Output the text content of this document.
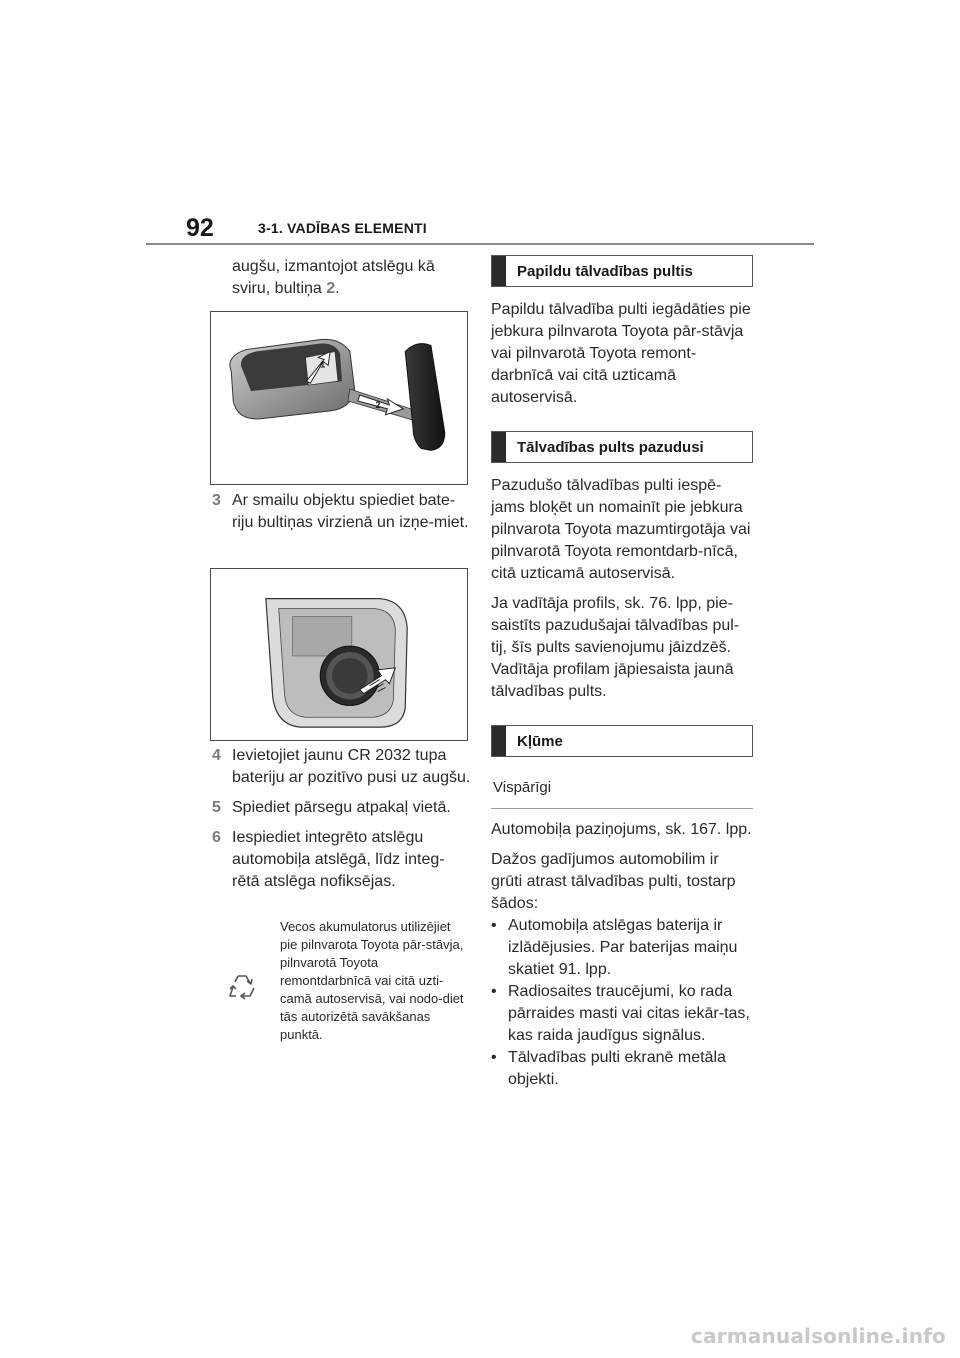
92	3-1. VADĪBAS ELEMENTI
augšu, izmantojot atslēgu kā
sviru, bultiņa 2.
1
2
3 Ar smailu objektu spiediet bate-riju bultiņas virzienā un izņe-miet.
4 Ievietojiet jaunu CR 2032 tupa bateriju ar pozitīvo pusi uz augšu.
5 Spiediet pārsegu atpakaļ vietā.
6 Iespiediet integrēto atslēgu automobiļa atslēgā, līdz integ-rētā atslēga nofiksējas.
Vecos akumulatorus utilizējiet pie pilnvarota Toyota pār-stāvja, pilnvarotā Toyota remontdarbnīcā vai citā uzti-camā autoservisā, vai nodo-diet tās autorizētā savākšanas punktā.
Papildu tālvadības pultis
Papildu tālvadība pulti iegādāties pie jebkura pilnvarota Toyota pār-stāvja vai pilnvarotā Toyota remont-darbnīcā vai citā uzticamā autoservisā.
Tālvadības pults pazudusi
Pazudušo tālvadības pulti iespē-jams bloķēt un nomainīt pie jebkura pilnvarota Toyota mazumtirgotāja vai pilnvarotā Toyota remontdarb-nīcā, citā uzticamā autoservisā.
Ja vadītāja profils, sk. 76. lpp, pie-saistīts pazudušajai tālvadības pul-tij, šīs pults savienojumu jāizdzēš. Vadītāja profilam jāpiesaista jaunā tālvadības pults.
Kļūme
Vispārīgi
Automobiļa paziņojums, sk. 167. lpp.
Dažos gadījumos automobilim ir grūti atrast tālvadības pulti, tostarp šādos:
• Automobiļa atslēgas baterija ir izlādējusies. Par baterijas maiņu skatiet 91. lpp.
• Radiosaites traucējumi, ko rada pārraides masti vai citas iekār-tas, kas raida jaudīgus signālus.
• Tālvadības pulti ekranē metāla objekti.
carmanualsonline.info
